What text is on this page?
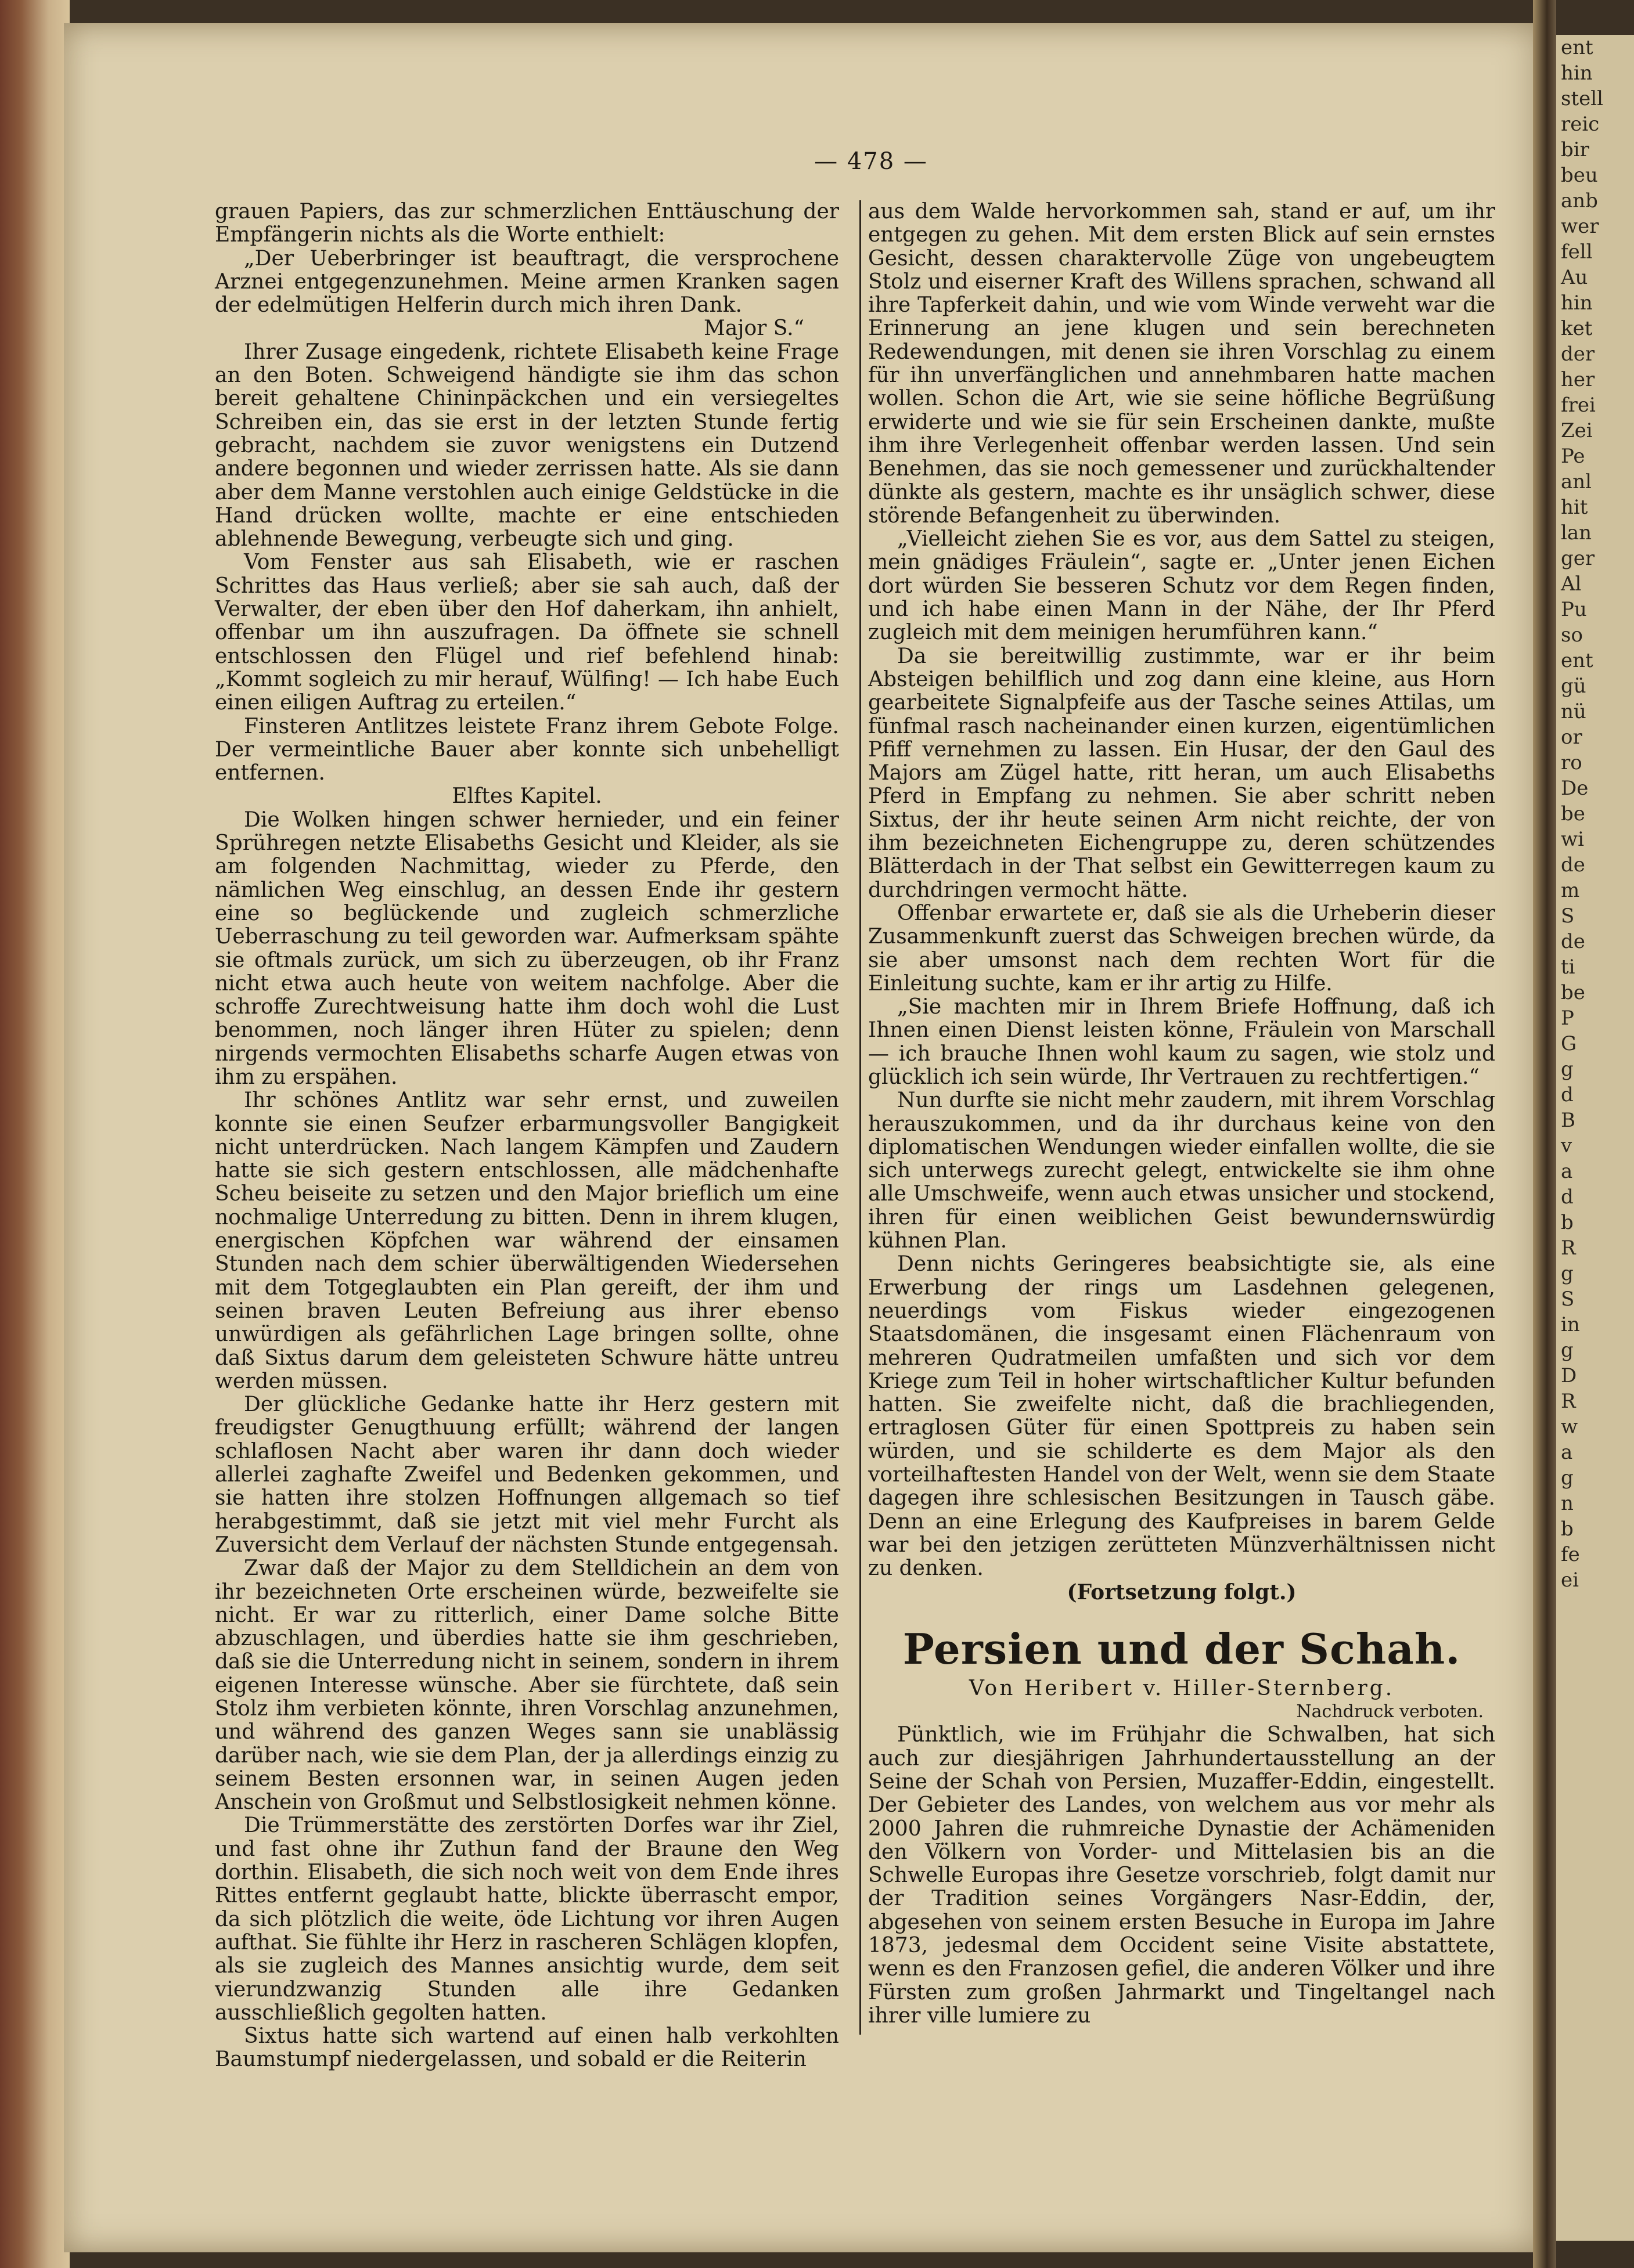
ent
hin
stell
reic
bir
beu
anb
wer
fell
Au
hin
ket
der
her
frei
Zei
Pe
anl
hit
lan
ger
Al
Pu
so
ent
gü
nü
or
ro
De
be
wi
de
m
S
de
ti
be
P
G
g
d
B
v
a
d
b
R
g
S
in
g
D
R
w
a
g
n
b
fe
ei
— 478 —

grauen Papiers, das zur schmerzlichen Enttäuschung der Empfängerin nichts als die Worte enthielt:

„Der Ueberbringer ist beauftragt, die versprochene Arznei entgegenzunehmen. Meine armen Kranken sagen der edelmütigen Helferin durch mich ihren Dank.

Major S.“

Ihrer Zusage eingedenk, richtete Elisabeth keine Frage an den Boten. Schweigend händigte sie ihm das schon bereit gehaltene Chininpäckchen und ein versiegeltes Schreiben ein, das sie erst in der letzten Stunde fertig gebracht, nachdem sie zuvor wenigstens ein Dutzend andere begonnen und wieder zerrissen hatte. Als sie dann aber dem Manne verstohlen auch einige Geldstücke in die Hand drücken wollte, machte er eine entschieden ablehnende Bewegung, verbeugte sich und ging.

Vom Fenster aus sah Elisabeth, wie er raschen Schrittes das Haus verließ; aber sie sah auch, daß der Verwalter, der eben über den Hof daherkam, ihn anhielt, offenbar um ihn auszufragen. Da öffnete sie schnell entschlossen den Flügel und rief befehlend hinab: „Kommt sogleich zu mir herauf, Wülfing! — Ich habe Euch einen eiligen Auftrag zu erteilen.“

Finsteren Antlitzes leistete Franz ihrem Gebote Folge. Der vermeintliche Bauer aber konnte sich unbehelligt entfernen.

Elftes Kapitel.

Die Wolken hingen schwer hernieder, und ein feiner Sprühregen netzte Elisabeths Gesicht und Kleider, als sie am folgenden Nachmittag, wieder zu Pferde, den nämlichen Weg einschlug, an dessen Ende ihr gestern eine so beglückende und zugleich schmerzliche Ueberraschung zu teil geworden war. Aufmerksam spähte sie oftmals zurück, um sich zu überzeugen, ob ihr Franz nicht etwa auch heute von weitem nachfolge. Aber die schroffe Zurechtweisung hatte ihm doch wohl die Lust benommen, noch länger ihren Hüter zu spielen; denn nirgends vermochten Elisabeths scharfe Augen etwas von ihm zu erspähen.

Ihr schönes Antlitz war sehr ernst, und zuweilen konnte sie einen Seufzer erbarmungsvoller Bangigkeit nicht unterdrücken. Nach langem Kämpfen und Zaudern hatte sie sich gestern entschlossen, alle mädchenhafte Scheu beiseite zu setzen und den Major brieflich um eine nochmalige Unterredung zu bitten. Denn in ihrem klugen, energischen Köpfchen war während der einsamen Stunden nach dem schier überwältigenden Wiedersehen mit dem Totgeglaubten ein Plan gereift, der ihm und seinen braven Leuten Befreiung aus ihrer ebenso unwürdigen als gefährlichen Lage bringen sollte, ohne daß Sixtus darum dem geleisteten Schwure hätte untreu werden müssen.

Der glückliche Gedanke hatte ihr Herz gestern mit freudigster Genugthuung erfüllt; während der langen schlaflosen Nacht aber waren ihr dann doch wieder allerlei zaghafte Zweifel und Bedenken gekommen, und sie hatten ihre stolzen Hoffnungen allgemach so tief herabgestimmt, daß sie jetzt mit viel mehr Furcht als Zuversicht dem Verlauf der nächsten Stunde entgegensah.

Zwar daß der Major zu dem Stelldichein an dem von ihr bezeichneten Orte erscheinen würde, bezweifelte sie nicht. Er war zu ritterlich, einer Dame solche Bitte abzuschlagen, und überdies hatte sie ihm geschrieben, daß sie die Unterredung nicht in seinem, sondern in ihrem eigenen Interesse wünsche. Aber sie fürchtete, daß sein Stolz ihm verbieten könnte, ihren Vorschlag anzunehmen, und während des ganzen Weges sann sie unablässig darüber nach, wie sie dem Plan, der ja allerdings einzig zu seinem Besten ersonnen war, in seinen Augen jeden Anschein von Großmut und Selbstlosigkeit nehmen könne.

Die Trümmerstätte des zerstörten Dorfes war ihr Ziel, und fast ohne ihr Zuthun fand der Braune den Weg dorthin. Elisabeth, die sich noch weit von dem Ende ihres Rittes entfernt geglaubt hatte, blickte überrascht empor, da sich plötzlich die weite, öde Lichtung vor ihren Augen aufthat. Sie fühlte ihr Herz in rascheren Schlägen klopfen, als sie zugleich des Mannes ansichtig wurde, dem seit vierundzwanzig Stunden alle ihre Gedanken ausschließlich gegolten hatten.

Sixtus hatte sich wartend auf einen halb verkohlten Baumstumpf niedergelassen, und sobald er die Reiterin

aus dem Walde hervorkommen sah, stand er auf, um ihr entgegen zu gehen. Mit dem ersten Blick auf sein ernstes Gesicht, dessen charaktervolle Züge von ungebeugtem Stolz und eiserner Kraft des Willens sprachen, schwand all ihre Tapferkeit dahin, und wie vom Winde verweht war die Erinnerung an jene klugen und sein berechneten Redewendungen, mit denen sie ihren Vorschlag zu einem für ihn unverfänglichen und annehmbaren hatte machen wollen. Schon die Art, wie sie seine höfliche Begrüßung erwiderte und wie sie für sein Erscheinen dankte, mußte ihm ihre Verlegenheit offenbar werden lassen. Und sein Benehmen, das sie noch gemessener und zurückhaltender dünkte als gestern, machte es ihr unsäglich schwer, diese störende Befangenheit zu überwinden.

„Vielleicht ziehen Sie es vor, aus dem Sattel zu steigen, mein gnädiges Fräulein“, sagte er. „Unter jenen Eichen dort würden Sie besseren Schutz vor dem Regen finden, und ich habe einen Mann in der Nähe, der Ihr Pferd zugleich mit dem meinigen herumführen kann.“

Da sie bereitwillig zustimmte, war er ihr beim Absteigen behilflich und zog dann eine kleine, aus Horn gearbeitete Signalpfeife aus der Tasche seines Attilas, um fünfmal rasch nacheinander einen kurzen, eigentümlichen Pfiff vernehmen zu lassen. Ein Husar, der den Gaul des Majors am Zügel hatte, ritt heran, um auch Elisabeths Pferd in Empfang zu nehmen. Sie aber schritt neben Sixtus, der ihr heute seinen Arm nicht reichte, der von ihm bezeichneten Eichengruppe zu, deren schützendes Blätterdach in der That selbst ein Gewitterregen kaum zu durchdringen vermocht hätte.

Offenbar erwartete er, daß sie als die Urheberin dieser Zusammenkunft zuerst das Schweigen brechen würde, da sie aber umsonst nach dem rechten Wort für die Einleitung suchte, kam er ihr artig zu Hilfe.

„Sie machten mir in Ihrem Briefe Hoffnung, daß ich Ihnen einen Dienst leisten könne, Fräulein von Marschall — ich brauche Ihnen wohl kaum zu sagen, wie stolz und glücklich ich sein würde, Ihr Vertrauen zu rechtfertigen.“

Nun durfte sie nicht mehr zaudern, mit ihrem Vorschlag herauszukommen, und da ihr durchaus keine von den diplomatischen Wendungen wieder einfallen wollte, die sie sich unterwegs zurecht gelegt, entwickelte sie ihm ohne alle Umschweife, wenn auch etwas unsicher und stockend, ihren für einen weiblichen Geist bewundernswürdig kühnen Plan.

Denn nichts Geringeres beabsichtigte sie, als eine Erwerbung der rings um Lasdehnen gelegenen, neuerdings vom Fiskus wieder eingezogenen Staatsdomänen, die insgesamt einen Flächenraum von mehreren Qudratmeilen umfaßten und sich vor dem Kriege zum Teil in hoher wirtschaftlicher Kultur befunden hatten. Sie zweifelte nicht, daß die brachliegenden, ertraglosen Güter für einen Spottpreis zu haben sein würden, und sie schilderte es dem Major als den vorteilhaftesten Handel von der Welt, wenn sie dem Staate dagegen ihre schlesischen Besitzungen in Tausch gäbe. Denn an eine Erlegung des Kaufpreises in barem Gelde war bei den jetzigen zerütteten Münzverhältnissen nicht zu denken.

(Fortsetzung folgt.)

Persien und der Schah.

Von Heribert v. Hiller-Sternberg.

Nachdruck verboten.

Pünktlich, wie im Frühjahr die Schwalben, hat sich auch zur diesjährigen Jahrhundertausstellung an der Seine der Schah von Persien, Muzaffer-Eddin, eingestellt. Der Gebieter des Landes, von welchem aus vor mehr als 2000 Jahren die ruhmreiche Dynastie der Achämeniden den Völkern von Vorder- und Mittelasien bis an die Schwelle Europas ihre Gesetze vorschrieb, folgt damit nur der Tradition seines Vorgängers Nasr-Eddin, der, abgesehen von seinem ersten Besuche in Europa im Jahre 1873, jedesmal dem Occident seine Visite abstattete, wenn es den Franzosen gefiel, die anderen Völker und ihre Fürsten zum großen Jahrmarkt und Tingeltangel nach ihrer ville lumiere zu
